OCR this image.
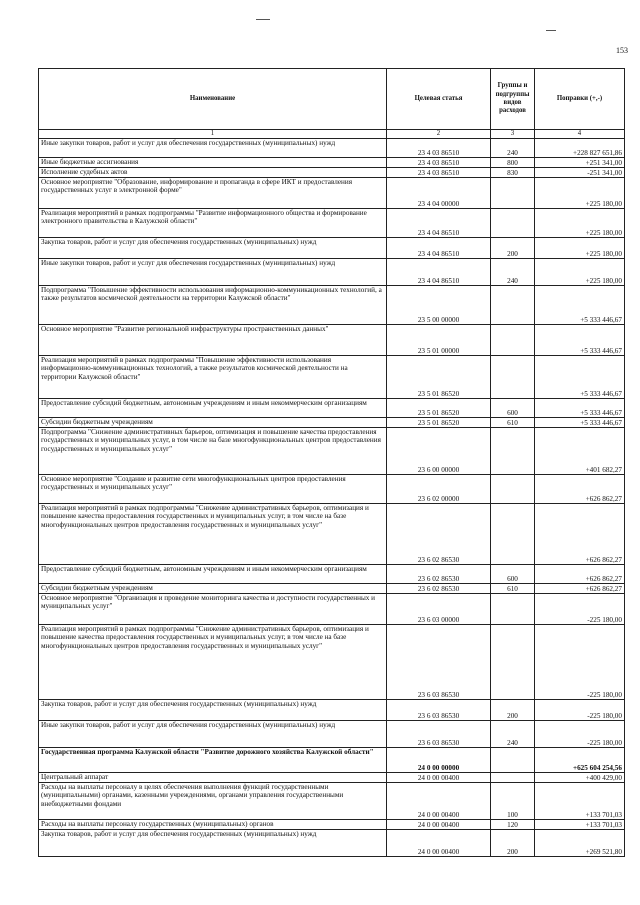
153
Наименование	Целевая статья	Группы и подгруппы видов расходов	Поправки (+,-)
1	2	3	4
Иные закупки товаров, работ и услуг для обеспечения государственных (муниципальных) нужд	23 4 03 86510	240	+228 827 651,86
Иные бюджетные ассигнования	23 4 03 86510	800	+251 341,00
Исполнение судебных актов	23 4 03 86510	830	-251 341,00
Основное мероприятие "Образование, информирование и пропаганда в сфере ИКТ и предоставления государственных услуг в электронной форме"	23 4 04 00000		+225 180,00
Реализация мероприятий в рамках подпрограммы "Развитие информационного общества и формирование электронного правительства в Калужской области"	23 4 04 86510		+225 180,00
Закупка товаров, работ и услуг для обеспечения государственных (муниципальных) нужд	23 4 04 86510	200	+225 180,00
Иные закупки товаров, работ и услуг для обеспечения государственных (муниципальных) нужд	23 4 04 86510	240	+225 180,00
Подпрограмма "Повышение эффективности использования информационно-коммуникационных технологий, а также результатов космической деятельности на территории Калужской области"	23 5 00 00000		+5 333 446,67
Основное мероприятие "Развитие региональной инфраструктуры пространственных данных"	23 5 01 00000		+5 333 446,67
Реализация мероприятий в рамках подпрограммы "Повышение эффективности использования информационно-коммуникационных технологий, а также результатов космической деятельности на территории Калужской области"	23 5 01 86520		+5 333 446,67
Предоставление субсидий бюджетным, автономным учреждениям и иным некоммерческим организациям	23 5 01 86520	600	+5 333 446,67
Субсидии бюджетным учреждениям	23 5 01 86520	610	+5 333 446,67
Подпрограмма "Снижение административных барьеров, оптимизация и повышение качества предоставления государственных и муниципальных услуг, в том числе на базе многофункциональных центров предоставления государственных и муниципальных услуг"	23 6 00 00000		+401 682,27
Основное мероприятие "Создание и развитие сети многофункциональных центров предоставления государственных и муниципальных услуг"	23 6 02 00000		+626 862,27
Реализация мероприятий в рамках подпрограммы "Снижение административных барьеров, оптимизация и повышение качества предоставления государственных и муниципальных услуг, в том числе на базе многофункциональных центров предоставления государственных и муниципальных услуг"	23 6 02 86530		+626 862,27
Предоставление субсидий бюджетным, автономным учреждениям и иным некоммерческим организациям	23 6 02 86530	600	+626 862,27
Субсидии бюджетным учреждениям	23 6 02 86530	610	+626 862,27
Основное мероприятие "Организация и проведение мониторинга качества и доступности государственных и муниципальных услуг"	23 6 03 00000		-225 180,00
Реализация мероприятий в рамках подпрограммы "Снижение административных барьеров, оптимизация и повышение качества предоставления государственных и муниципальных услуг, в том числе на базе многофункциональных центров предоставления государственных и муниципальных услуг"	23 6 03 86530		-225 180,00
Закупка товаров, работ и услуг для обеспечения государственных (муниципальных) нужд	23 6 03 86530	200	-225 180,00
Иные закупки товаров, работ и услуг для обеспечения государственных (муниципальных) нужд	23 6 03 86530	240	-225 180,00
Государственная программа Калужской области "Развитие дорожного хозяйства Калужской области"	24 0 00 00000		+625 604 254,56
Центральный аппарат	24 0 00 00400		+400 429,00
Расходы на выплаты персоналу в целях обеспечения выполнения функций государственными (муниципальными) органами, казенными учреждениями, органами управления государственными внебюджетными фондами	24 0 00 00400	100	+133 701,03
Расходы на выплаты персоналу государственных (муниципальных) органов	24 0 00 00400	120	+133 701,03
Закупка товаров, работ и услуг для обеспечения государственных (муниципальных) нужд	24 0 00 00400	200	+269 521,80
